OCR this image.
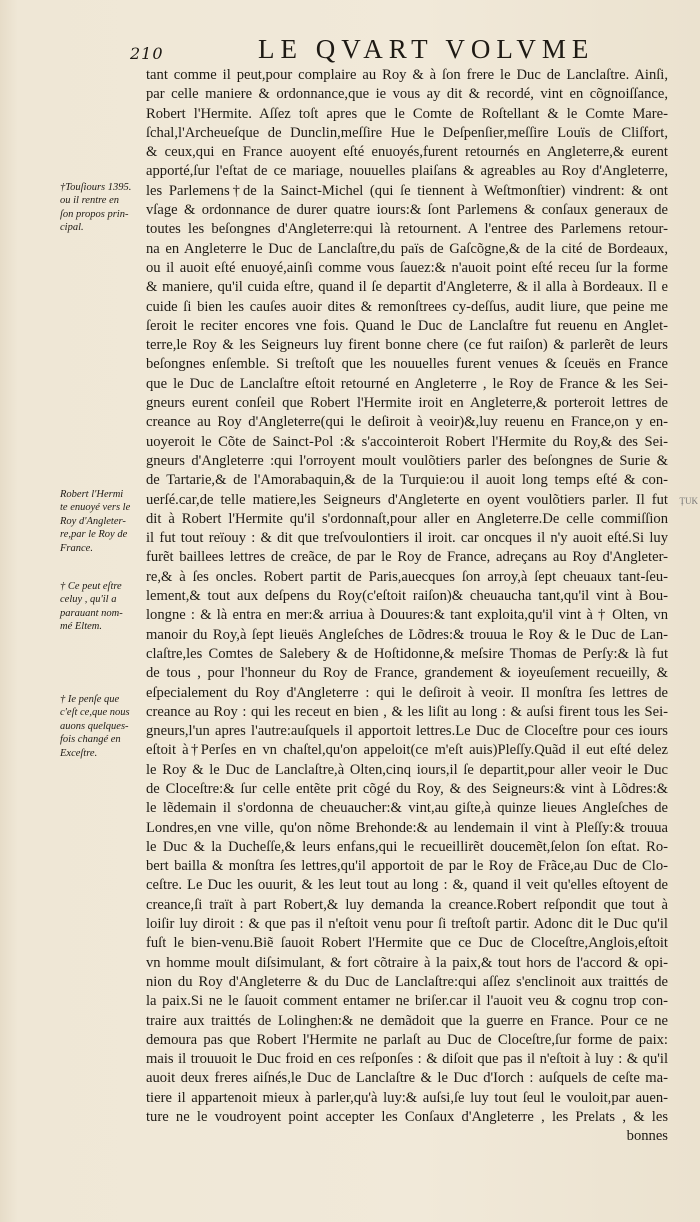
210	LE QVART VOLVME
†Touſiours 1395.
ou il rentre en
ſon propos prin-
cipal.
Robert l'Hermi
te enuoyé vers le
Roy d'Angleter-
re,par le Roy de
France.
† Ce peut eſtre
celuy , qu'il a
parauant nom-
mé Eltem.
† Ie penſe que
c'eſt ce,que nous
auons quelques-
fois changé en
Exceſtre.
ȚUK
tant comme il peut,pour complaire au Roy & à ſon frere le Duc de Lanclaſtre. Ainſi,
par celle maniere & ordonnance,que ie vous ay dit & recordé, vint en cõgnoiſſance,
Robert l'Hermite. Aſſez toſt apres que le Comte de Roſtellant & le Comte Mare-
ſchal,l'Archeueſque de Dunclin,meſſire Hue le Deſpenſier,meſſire Louïs de Cliſfort,
& ceux,qui en France auoyent eſté enuoyés,furent retournés en Angleterre,& eurent
apporté,ſur l'eſtat de ce mariage, nouuelles plaiſans & agreables au Roy d'Angleterre,
les Parlemens†de la Sainct-Michel (qui ſe tiennent à Weſtmonſtier) vindrent: & ont
vſage & ordonnance de durer quatre iours:& ſont Parlemens & conſaux generaux de
toutes les beſongnes d'Angleterre:qui là retournent. A l'entree des Parlemens retour-
na en Angleterre le Duc de Lanclaſtre,du païs de Gaſcõgne,& de la cité de Bordeaux,
ou il auoit eſté enuoyé,ainſi comme vous ſauez:& n'auoit point eſté receu ſur la forme
& maniere, qu'il cuida eſtre, quand il ſe departit d'Angleterre, & il alla à Bordeaux. Il e
cuide ſi bien les cauſes auoir dites & remonſtrees cy-deſſus, audit liure, que peine me
ſeroit le reciter encores vne fois. Quand le Duc de Lanclaſtre fut reuenu en Anglet-
terre,le Roy & les Seigneurs luy firent bonne chere (ce fut raiſon) & parlerẽt de leurs
beſongnes enſemble. Si treſtoſt que les nouuelles furent venues & ſceuës en France
que le Duc de Lanclaſtre eſtoit retourné en Angleterre , le Roy de France & les Sei-
gneurs eurent conſeil que Robert l'Hermite iroit en Angleterre,& porteroit lettres de
creance au Roy d'Angleterre(qui le deſiroit à veoir)&,luy reuenu en France,on y en-
uoyeroit le Cõte de Sainct-Pol :& s'accointeroit Robert l'Hermite du Roy,& des Sei-
gneurs d'Angleterre :qui l'orroyent moult voulõtiers parler des beſongnes de Surie &
de Tartarie,& de l'Amorabaquin,& de la Turquie:ou il auoit long temps eſté & con-
uerſé.car,de telle matiere,les Seigneurs d'Angleterte en oyent voulõtiers parler. Il fut
dit à Robert l'Hermite qu'il s'ordonnaſt,pour aller en Angleterre.De celle commiſſion
il fut tout reïouy : & dit que treſvoulontiers il iroit. car oncques il n'y auoit eſté.Si luy
furẽt baillees lettres de creãce, de par le Roy de France, adreçans au Roy d'Angleter-
re,& à ſes oncles. Robert partit de Paris,auecques ſon arroy,à ſept cheuaux tant-ſeu-
lement,& tout aux deſpens du Roy(c'eſtoit raiſon)& cheuaucha tant,qu'il vint à Bou-
longne : & là entra en mer:& arriua à Douures:& tant exploita,qu'il vint à † Olten, vn
manoir du Roy,à ſept lieuës Angleſches de Lõdres:& trouua le Roy & le Duc de Lan-
claſtre,les Comtes de Salebery & de Hoſtidonne,& meſsire Thomas de Perſy:& là fut
de tous , pour l'honneur du Roy de France, grandement & ioyeuſement recueilly, &
eſpecialement du Roy d'Angleterre : qui le deſiroit à veoir. Il monſtra ſes lettres de
creance au Roy : qui les receut en bien , & les liſit au long : & auſsi firent tous les Sei-
gneurs,l'un apres l'autre:auſquels il apportoit lettres.Le Duc de Cloceſtre pour ces iours
eſtoit à†Perſes en vn chaſtel,qu'on appeloit(ce m'eſt auis)Pleſſy.Quãd il eut eſté delez
le Roy & le Duc de Lanclaſtre,à Olten,cinq iours,il ſe departit,pour aller veoir le Duc
de Cloceſtre:& ſur celle entẽte prit cõgé du Roy, & des Seigneurs:& vint à Lõdres:&
le lẽdemain il s'ordonna de cheuaucher:& vint,au giſte,à quinze lieues Angleſches de
Londres,en vne ville, qu'on nõme Brehonde:& au lendemain il vint à Pleſſy:& trouua
le Duc & la Ducheſſe,& leurs enfans,qui le recueillirẽt doucemẽt,ſelon ſon eſtat. Ro-
bert bailla & monſtra ſes lettres,qu'il apportoit de par le Roy de Frãce,au Duc de Clo-
ceſtre. Le Duc les ouurit, & les leut tout au long : &, quand il veit qu'elles eſtoyent de
creance,ſi traït à part Robert,& luy demanda la creance.Robert reſpondit que tout à
loiſir luy diroit : & que pas il n'eſtoit venu pour ſi treſtoſt partir. Adonc dit le Duc qu'il
fuſt le bien-venu.Biẽ ſauoit Robert l'Hermite que ce Duc de Cloceſtre,Anglois,eſtoit
vn homme moult diſsimulant, & fort cõtraire à la paix,& tout hors de l'accord & opi-
nion du Roy d'Angleterre & du Duc de Lanclaſtre:qui aſſez s'enclinoit aux traittés de
la paix.Si ne le ſauoit comment entamer ne briſer.car il l'auoit veu & cognu trop con-
traire aux traittés de Lolinghen:& ne demãdoit que la guerre en France. Pour ce ne
demoura pas que Robert l'Hermite ne parlaſt au Duc de Cloceſtre,ſur forme de paix:
mais il trouuoit le Duc froid en ces reſponſes : & diſoit que pas il n'eſtoit à luy : & qu'il
auoit deux freres aiſnés,le Duc de Lanclaſtre & le Duc d'Iorch : auſquels de ceſte ma-
tiere il appartenoit mieux à parler,qu'à luy:& auſsi,ſe luy tout ſeul le vouloit,par auen-
ture ne le voudroyent point accepter les Conſaux d'Angleterre , les Prelats , & les
bonnes
